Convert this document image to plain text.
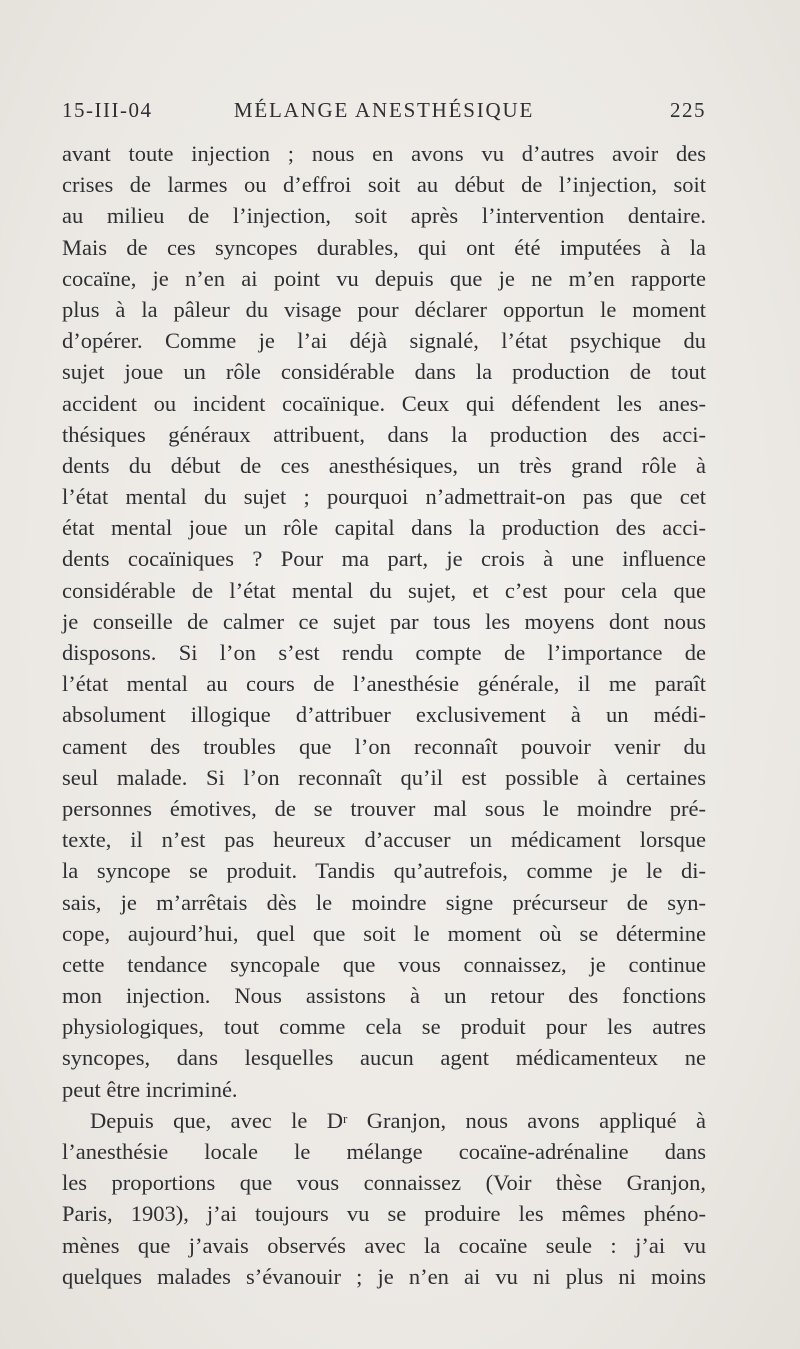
15-III-04	MÉLANGE ANESTHÉSIQUE	225
avant toute injection ; nous en avons vu d’autres avoir des
crises de larmes ou d’effroi soit au début de l’injection, soit
au milieu de l’injection, soit après l’intervention dentaire.
Mais de ces syncopes durables, qui ont été imputées à la
cocaïne, je n’en ai point vu depuis que je ne m’en rapporte
plus à la pâleur du visage pour déclarer opportun le moment
d’opérer. Comme je l’ai déjà signalé, l’état psychique du
sujet joue un rôle considérable dans la production de tout
accident ou incident cocaïnique. Ceux qui défendent les anes-
thésiques généraux attribuent, dans la production des acci-
dents du début de ces anesthésiques, un très grand rôle à
l’état mental du sujet ; pourquoi n’admettrait-on pas que cet
état mental joue un rôle capital dans la production des acci-
dents cocaïniques ? Pour ma part, je crois à une influence
considérable de l’état mental du sujet, et c’est pour cela que
je conseille de calmer ce sujet par tous les moyens dont nous
disposons. Si l’on s’est rendu compte de l’importance de
l’état mental au cours de l’anesthésie générale, il me paraît
absolument illogique d’attribuer exclusivement à un médi-
cament des troubles que l’on reconnaît pouvoir venir du
seul malade. Si l’on reconnaît qu’il est possible à certaines
personnes émotives, de se trouver mal sous le moindre pré-
texte, il n’est pas heureux d’accuser un médicament lorsque
la syncope se produit. Tandis qu’autrefois, comme je le di-
sais, je m’arrêtais dès le moindre signe précurseur de syn-
cope, aujourd’hui, quel que soit le moment où se détermine
cette tendance syncopale que vous connaissez, je continue
mon injection. Nous assistons à un retour des fonctions
physiologiques, tout comme cela se produit pour les autres
syncopes, dans lesquelles aucun agent médicamenteux ne
peut être incriminé.
Depuis que, avec le $D^r$ Granjon, nous avons appliqué à
l’anesthésie locale le mélange cocaïne-adrénaline dans
les proportions que vous connaissez (Voir thèse Granjon,
Paris, 1903), j’ai toujours vu se produire les mêmes phéno-
mènes que j’avais observés avec la cocaïne seule : j’ai vu
quelques malades s’évanouir ; je n’en ai vu ni plus ni moins
